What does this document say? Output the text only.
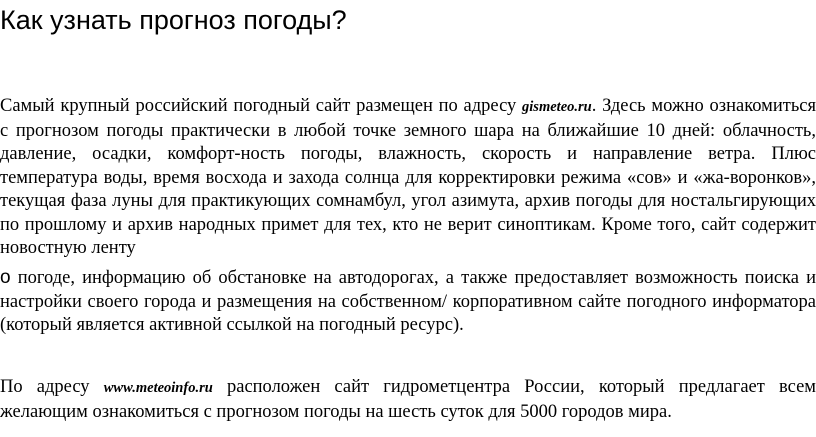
Как узнать прогноз погоды?

Самый крупный российский погодный сайт размещен по адресу gismeteo.ru. Здесь можно ознакомиться с прогнозом погоды практически в любой точке земного шара на ближайшие 10 дней: облачность, давление, осадки, комфорт-ность погоды, влажность, скорость и направление ветра. Плюс температура воды, время восхода и захода солнца для корректировки режима «сов» и «жа-воронков», текущая фаза луны для практикующих сомнамбул, угол азимута, архив погоды для ностальгирующих по прошлому и архив народных примет для тех, кто не верит синоптикам. Кроме того, сайт содержит новостную ленту

о погоде, информацию об обстановке на автодорогах, а также предоставляет возможность поиска и настройки своего города и размещения на собственном/ корпоративном сайте погодного информатора (который является активной ссылкой на погодный ресурс).

По адресу www.meteoinfo.ru расположен сайт гидрометцентра России, который предлагает всем желающим ознакомиться с прогнозом погоды на шесть суток для 5000 городов мира.
